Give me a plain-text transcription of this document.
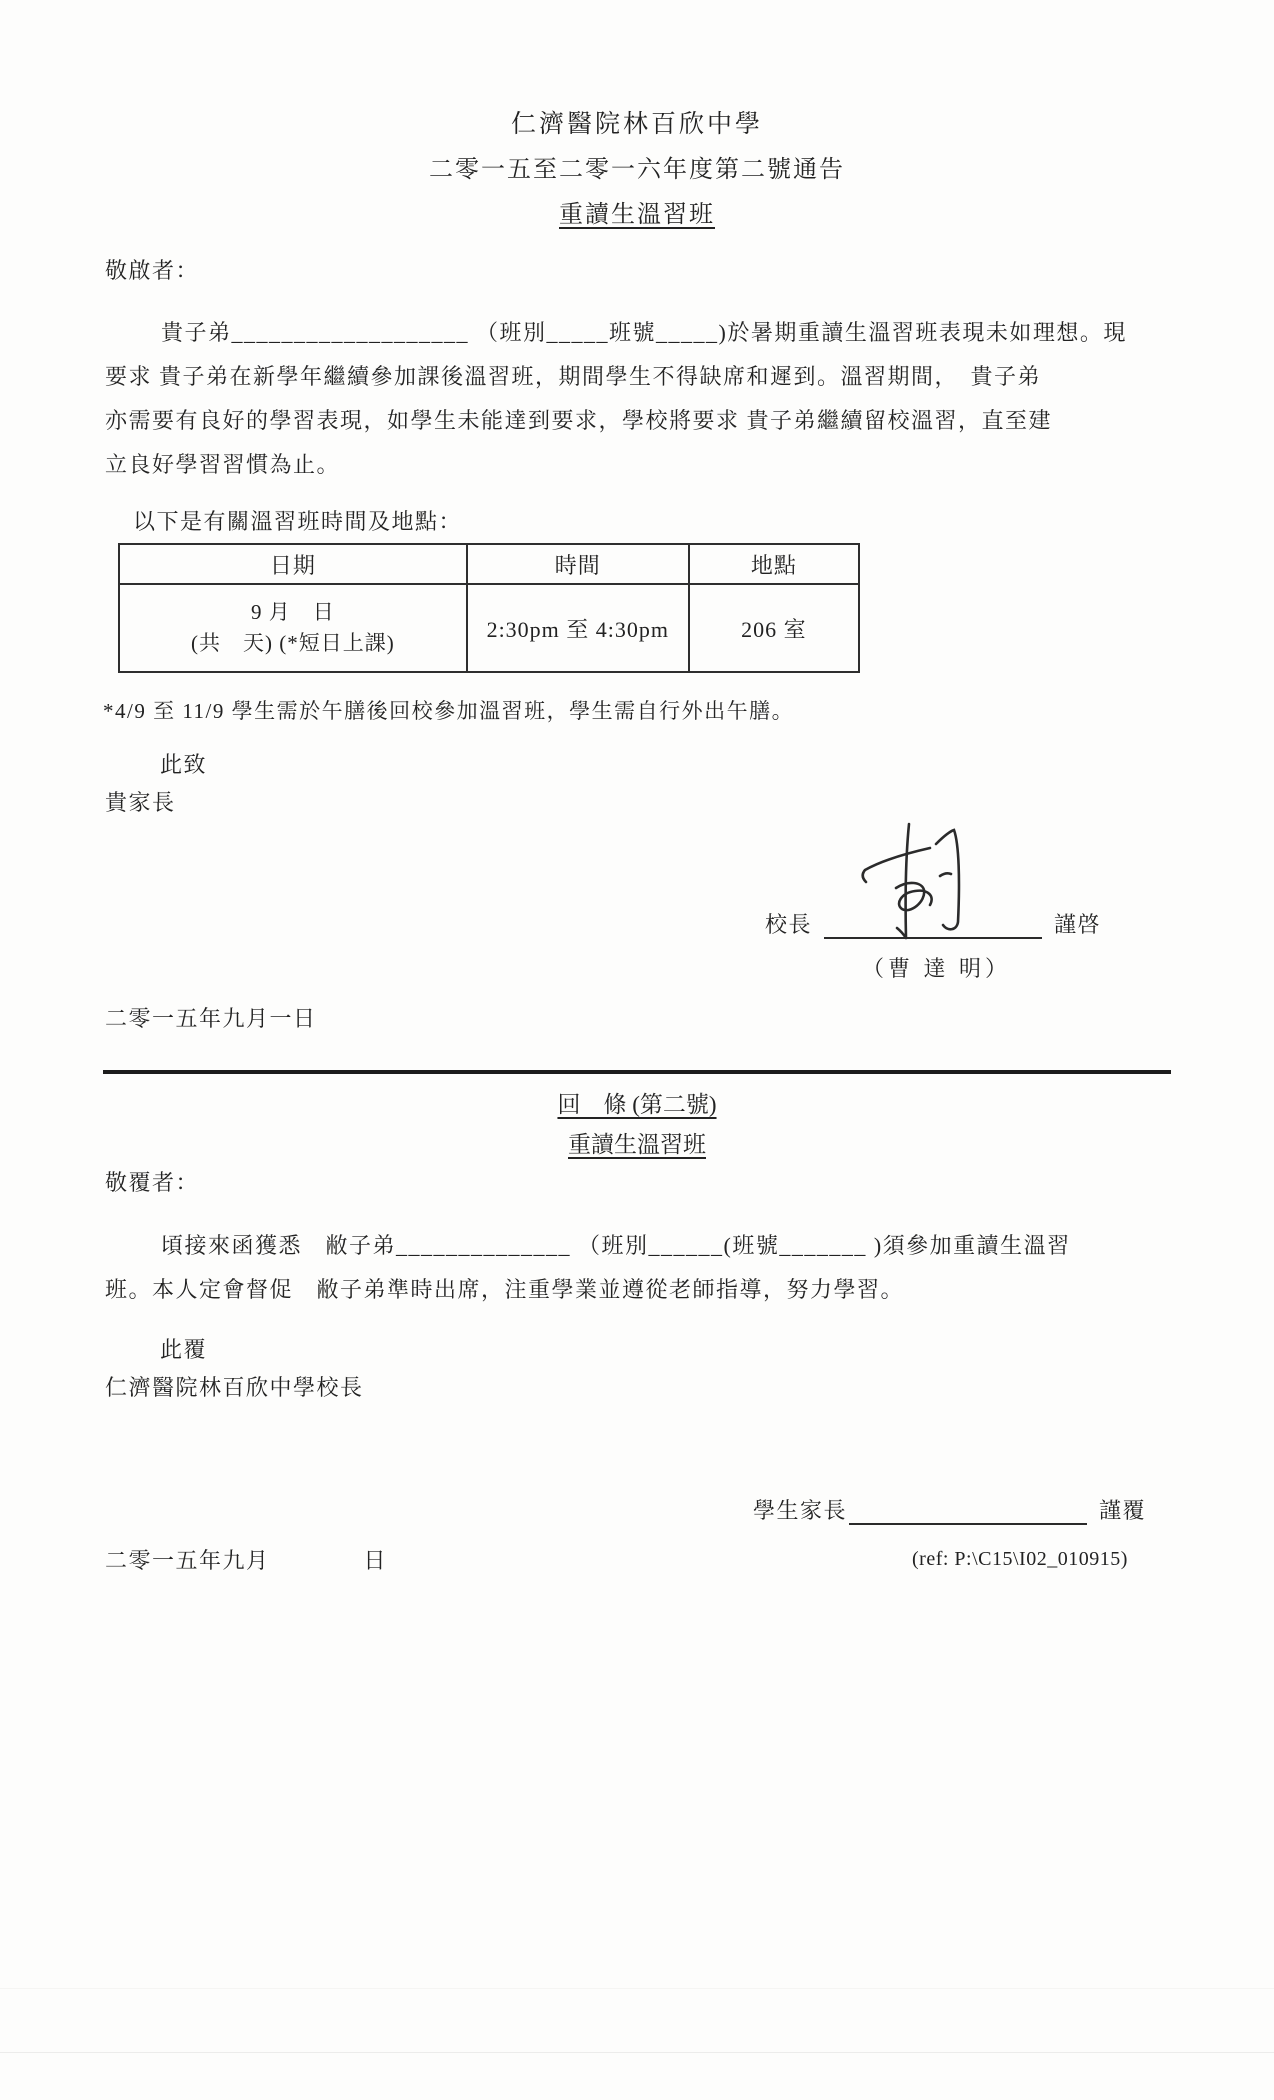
仁濟醫院林百欣中學
二零一五至二零一六年度第二號通告
重讀生溫習班
敬啟者：
貴子弟___________________ （班別_____班號_____)於暑期重讀生溫習班表現未如理想。現
要求 貴子弟在新學年繼續參加課後溫習班，期間學生不得缺席和遲到。溫習期間，　貴子弟
亦需要有良好的學習表現，如學生未能達到要求，學校將要求 貴子弟繼續留校溫習，直至建
立良好學習習慣為止。
以下是有關溫習班時間及地點：
日期	時間	地點

9 月　日
(共　天) (*短日上課)	2:30pm 至 4:30pm	206 室
*4/9 至 11/9 學生需於午膳後回校參加溫習班，學生需自行外出午膳。
此致
貴家長
校長	謹啓
（曹 達 明）
二零一五年九月一日
回　條 (第二號)
重讀生溫習班
敬覆者：
頃接來函獲悉　敝子弟______________ （班別______(班號_______ )須參加重讀生溫習
班。本人定會督促　敝子弟準時出席，注重學業並遵從老師指導，努力學習。
此覆
仁濟醫院林百欣中學校長
學生家長	謹覆
二零一五年九月　　　　日	(ref: P:\C15\I02_010915)
